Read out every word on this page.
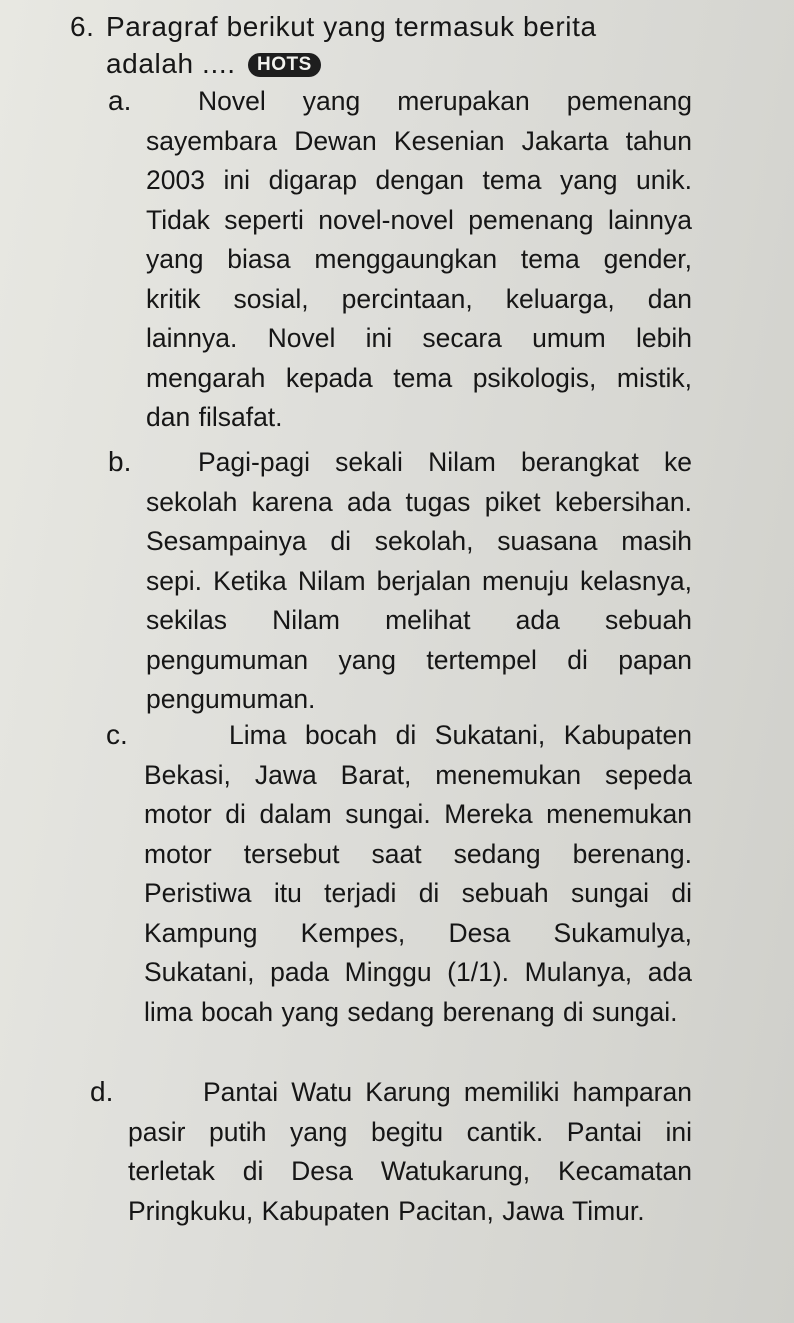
6. Paragraf berikut yang termasuk berita
adalah .... HOTS
a.	Novel yang merupakan pemenang sayembara Dewan Kesenian Jakarta tahun 2003 ini digarap dengan tema yang unik. Tidak seperti novel-novel pemenang lainnya yang biasa menggaungkan tema gender, kritik sosial, percintaan, keluarga, dan lainnya. Novel ini secara umum lebih mengarah kepada tema psikologis, mistik, dan filsafat.
b.	Pagi-pagi sekali Nilam berangkat ke sekolah karena ada tugas piket kebersihan. Sesampainya di sekolah, suasana masih sepi. Ketika Nilam berjalan menuju kelasnya, sekilas Nilam melihat ada sebuah pengumuman yang tertempel di papan pengumuman.
c.	Lima bocah di Sukatani, Kabupaten Bekasi, Jawa Barat, menemukan sepeda motor di dalam sungai. Mereka menemukan motor tersebut saat sedang berenang. Peristiwa itu terjadi di sebuah sungai di Kampung Kempes, Desa Sukamulya, Sukatani, pada Minggu (1/1). Mulanya, ada lima bocah yang sedang berenang di sungai.
d.	Pantai Watu Karung memiliki hamparan pasir putih yang begitu cantik. Pantai ini terletak di Desa Watukarung, Kecamatan Pringkuku, Kabupaten Pacitan, Jawa Timur.
